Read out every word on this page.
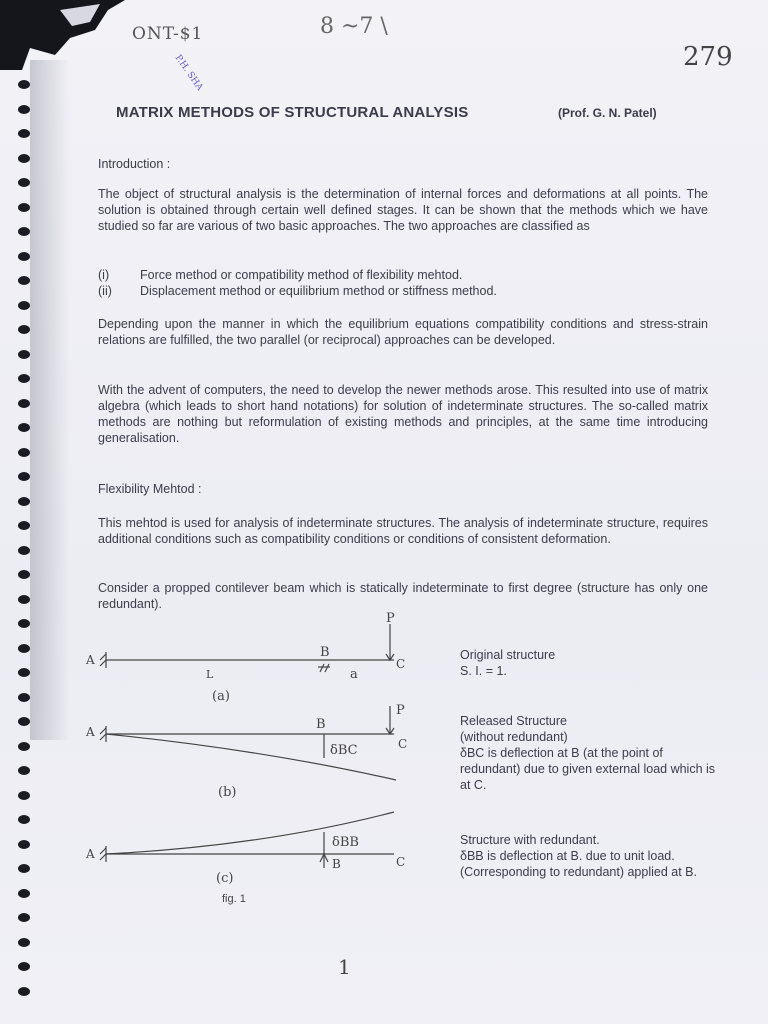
ONT-$1	8 ~7 \
279
P.H. SHA
MATRIX METHODS OF STRUCTURAL ANALYSIS	(Prof. G. N. Patel)
Introduction :
The object of structural analysis is the determination of internal forces and deformations at all points. The solution is obtained through certain well defined stages. It can be shown that the methods which we have studied so far are various of two basic approaches. The two approaches are classified as
(i)	Force method or compatibility method of flexibility mehtod.
(ii)	Displacement method or equilibrium method or stiffness method.
Depending upon the manner in which the equilibrium equations compatibility conditions and stress-strain relations are fulfilled, the two parallel (or reciprocal) approaches can be developed.
With the advent of computers, the need to develop the newer methods arose. This resulted into use of matrix algebra (which leads to short hand notations) for solution of indeterminate structures. The so-called matrix methods are nothing but reformulation of existing methods and principles, at the same time introducing generalisation.
Flexibility Mehtod :
This mehtod is used for analysis of indeterminate structures. The analysis of indeterminate structure, requires additional conditions such as compatibility conditions or conditions of consistent deformation.
Consider a propped contilever beam which is statically indeterminate to first degree (structure has only one redundant).
A	B
C
P
L	a
(a)
A	B
C
P
δBC
(b)
A
B	C
δBB
(c)
fig. 1
Original structure
S. I. = 1.
Released Structure
(without redundant)
δBC is deflection at B (at the point of redundant) due to given external load which is at C.
Structure with redundant.
δBB is deflection at B. due to unit load. (Corresponding to redundant) applied at B.
1
